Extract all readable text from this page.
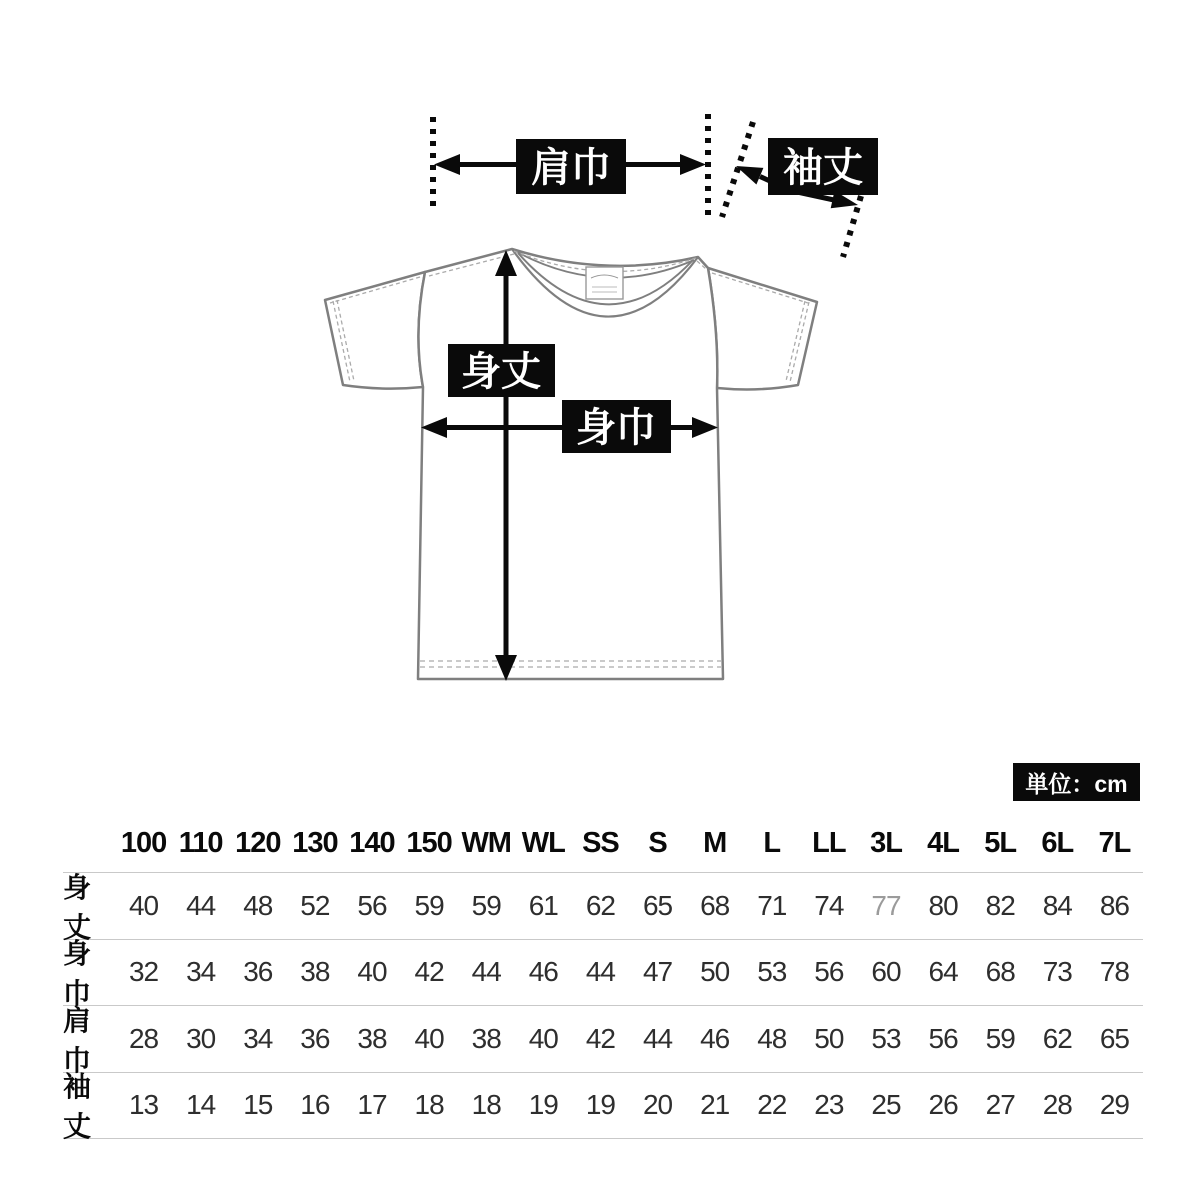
肩巾	袖丈
身丈
身巾
単位：cm
100 110 120 130 140 150 WM WL SS	S	M	L	LL 3L 4L 5L 6L 7L
身丈
40 44 48 52 56 59 59 61 62 65 68 71 74 77 80 82 84 86
身巾
32 34 36 38 40 42 44 46 44 47 50 53 56 60 64 68 73 78
肩巾
28 30 34 36 38 40 38 40 42 44 46 48 50 53 56 59 62 65
袖丈
13 14 15 16 17 18 18 19 19 20 21 22 23 25 26 27 28 29
